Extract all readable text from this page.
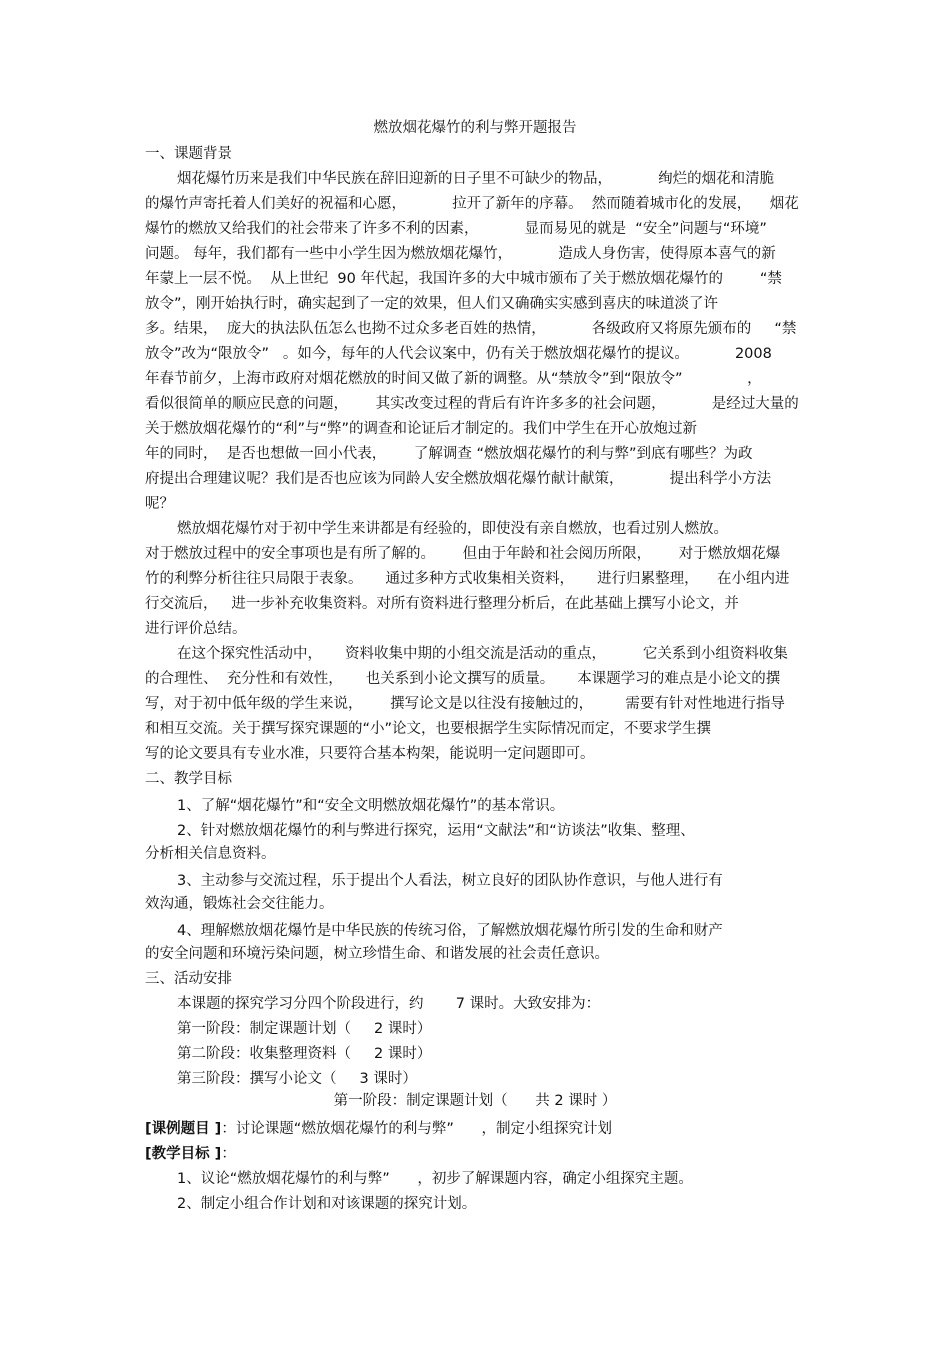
燃放烟花爆竹的利与弊开题报告
一、课题背景
烟花爆竹历来是我们中华民族在辞旧迎新的日子里不可缺少的物品，          绚烂的烟花和清脆
的爆竹声寄托着人们美好的祝福和心愿，          拉开了新年的序幕。  然而随着城市化的发展，    烟花
爆竹的燃放又给我们的社会带来了许多不利的因素，          显而易见的就是  “安全”问题与“环境”
问题。 每年，我们都有一些中小学生因为燃放烟花爆竹，          造成人身伤害，使得原本喜气的新
年蒙上一层不悦。  从上世纪  90 年代起，我国许多的大中城市颁布了关于燃放烟花爆竹的        “禁
放令”，刚开始执行时，确实起到了一定的效果，但人们又确确实实感到喜庆的味道淡了许
多。结果，  庞大的执法队伍怎么也拗不过众多老百姓的热情，          各级政府又将原先颁布的     “禁
放令”改为“限放令”   。如今，每年的人代会议案中，仍有关于燃放烟花爆竹的提议。          2008
年春节前夕，上海市政府对烟花燃放的时间又做了新的调整。从“禁放令”到“限放令”              ，
看似很简单的顺应民意的问题，      其实改变过程的背后有许许多多的社会问题，          是经过大量的
关于燃放烟花爆竹的“利”与“弊”的调查和论证后才制定的。我们中学生在开心放炮过新
年的同时，  是否也想做一回小代表，      了解调查 “燃放烟花爆竹的利与弊”到底有哪些？为政
府提出合理建议呢？我们是否也应该为同龄人安全燃放烟花爆竹献计献策，          提出科学小方法
呢？
燃放烟花爆竹对于初中学生来讲都是有经验的，即使没有亲自燃放，也看过别人燃放。
对于燃放过程中的安全事项也是有所了解的。      但由于年龄和社会阅历所限，      对于燃放烟花爆
竹的利弊分析往往只局限于表象。     通过多种方式收集相关资料，     进行归累整理，    在小组内进
行交流后，   进一步补充收集资料。对所有资料进行整理分析后，在此基础上撰写小论文，并
进行评价总结。
在这个探究性活动中，     资料收集中期的小组交流是活动的重点，        它关系到小组资料收集
的合理性、  充分性和有效性，     也关系到小论文撰写的质量。     本课题学习的难点是小论文的撰
写，对于初中低年级的学生来说，      撰写论文是以往没有接触过的，       需要有针对性地进行指导
和相互交流。关于撰写探究课题的“小”论文，也要根据学生实际情况而定，不要求学生撰
写的论文要具有专业水准，只要符合基本构架，能说明一定问题即可。
二、教学目标
1、了解“烟花爆竹”和“安全文明燃放烟花爆竹”的基本常识。
2、针对燃放烟花爆竹的利与弊进行探究，运用“文献法”和“访谈法”收集、整理、
分析相关信息资料。
3、主动参与交流过程，乐于提出个人看法，树立良好的团队协作意识，与他人进行有
效沟通，锻炼社会交往能力。
4、理解燃放烟花爆竹是中华民族的传统习俗，了解燃放烟花爆竹所引发的生命和财产
的安全问题和环境污染问题，树立珍惜生命、和谐发展的社会责任意识。
三、活动安排
本课题的探究学习分四个阶段进行，约       7 课时。大致安排为：
第一阶段：制定课题计划（     2 课时）
第二阶段：收集整理资料（     2 课时）
第三阶段：撰写小论文（     3 课时）
第一阶段：制定课题计划（      共 2 课时 ）
[课例题目 ]：讨论课题“燃放烟花爆竹的利与弊”      ，制定小组探究计划
[教学目标 ]：
1、议论“燃放烟花爆竹的利与弊”      ，初步了解课题内容，确定小组探究主题。
2、制定小组合作计划和对该课题的探究计划。
